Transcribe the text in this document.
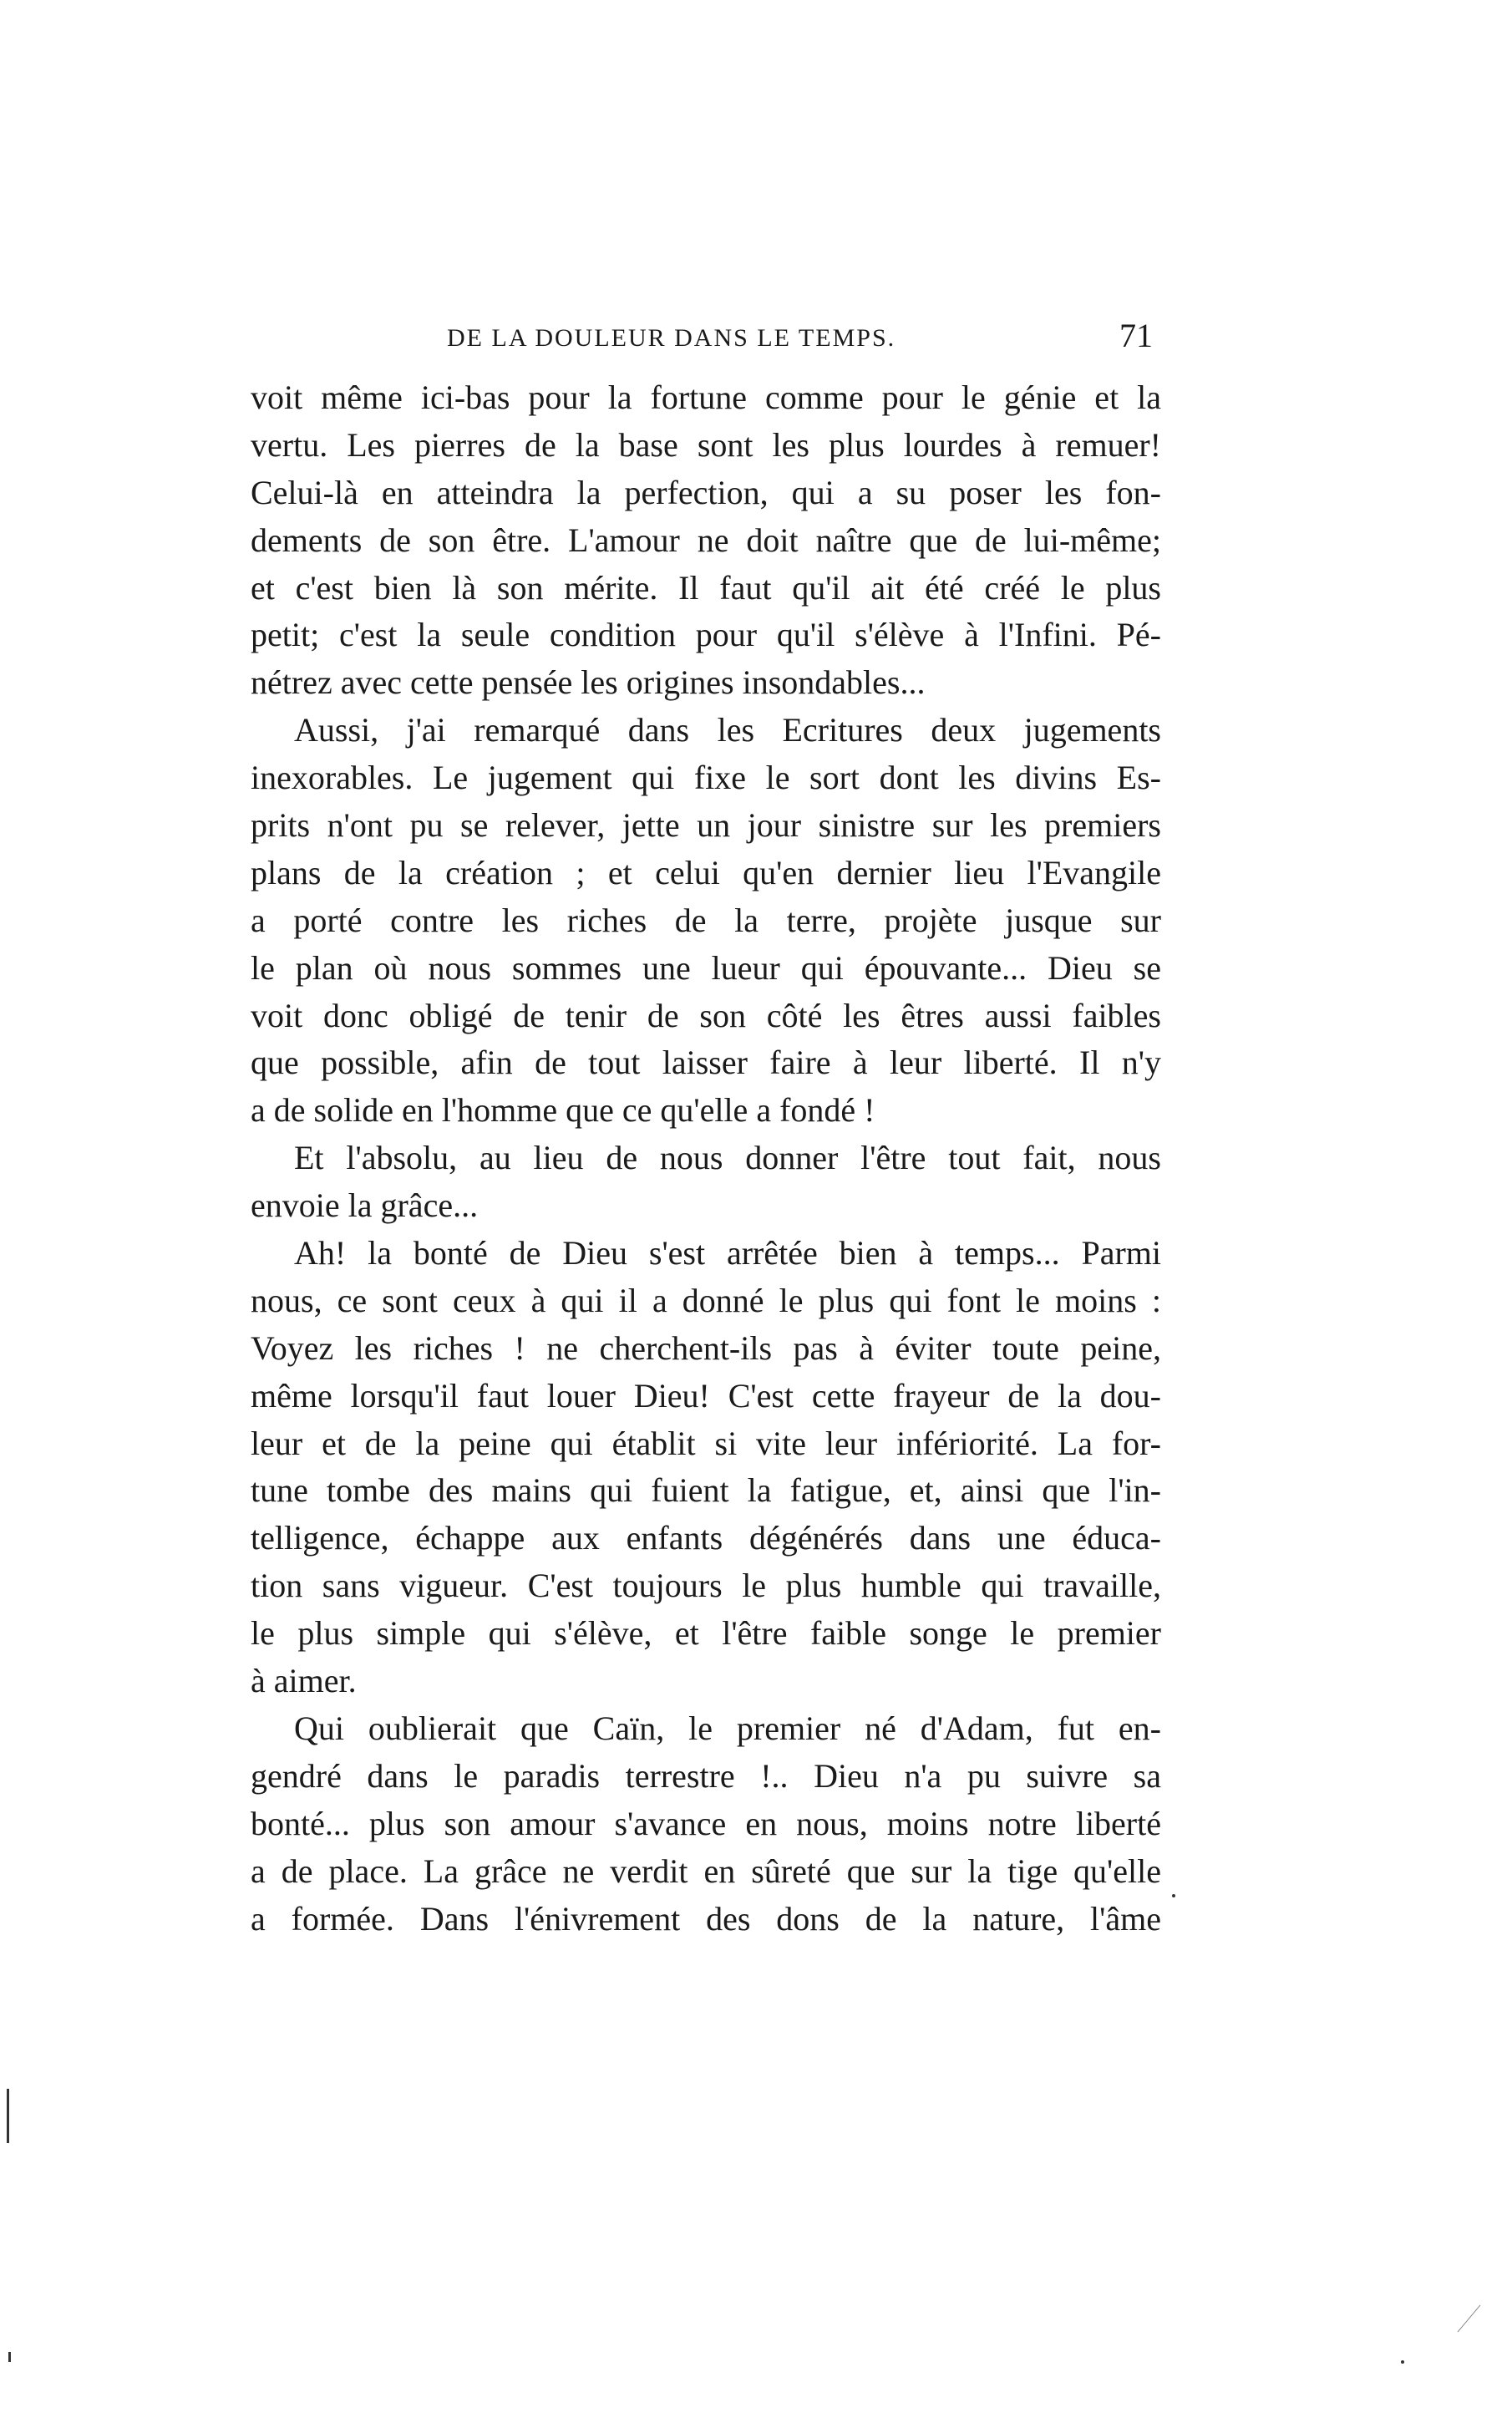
DE LA DOULEUR DANS LE TEMPS.	71
voit même ici-bas pour la fortune comme pour le génie et la
vertu. Les pierres de la base sont les plus lourdes à remuer!
Celui-là en atteindra la perfection, qui a su poser les fon-
dements de son être. L'amour ne doit naître que de lui-même;
et c'est bien là son mérite. Il faut qu'il ait été créé le plus
petit; c'est la seule condition pour qu'il s'élève à l'Infini. Pé-
nétrez avec cette pensée les origines insondables...
Aussi, j'ai remarqué dans les Ecritures deux jugements
inexorables. Le jugement qui fixe le sort dont les divins Es-
prits n'ont pu se relever, jette un jour sinistre sur les premiers
plans de la création ; et celui qu'en dernier lieu l'Evangile
a porté contre les riches de la terre, projète jusque sur
le plan où nous sommes une lueur qui épouvante... Dieu se
voit donc obligé de tenir de son côté les êtres aussi faibles
que possible, afin de tout laisser faire à leur liberté. Il n'y
a de solide en l'homme que ce qu'elle a fondé !
Et l'absolu, au lieu de nous donner l'être tout fait, nous
envoie la grâce...
Ah! la bonté de Dieu s'est arrêtée bien à temps... Parmi
nous, ce sont ceux à qui il a donné le plus qui font le moins :
Voyez les riches ! ne cherchent-ils pas à éviter toute peine,
même lorsqu'il faut louer Dieu! C'est cette frayeur de la dou-
leur et de la peine qui établit si vite leur infériorité. La for-
tune tombe des mains qui fuient la fatigue, et, ainsi que l'in-
telligence, échappe aux enfants dégénérés dans une éduca-
tion sans vigueur. C'est toujours le plus humble qui travaille,
le plus simple qui s'élève, et l'être faible songe le premier
à aimer.
Qui oublierait que Caïn, le premier né d'Adam, fut en-
gendré dans le paradis terrestre !.. Dieu n'a pu suivre sa
bonté... plus son amour s'avance en nous, moins notre liberté
a de place. La grâce ne verdit en sûreté que sur la tige qu'elle
a formée. Dans l'énivrement des dons de la nature, l'âme
